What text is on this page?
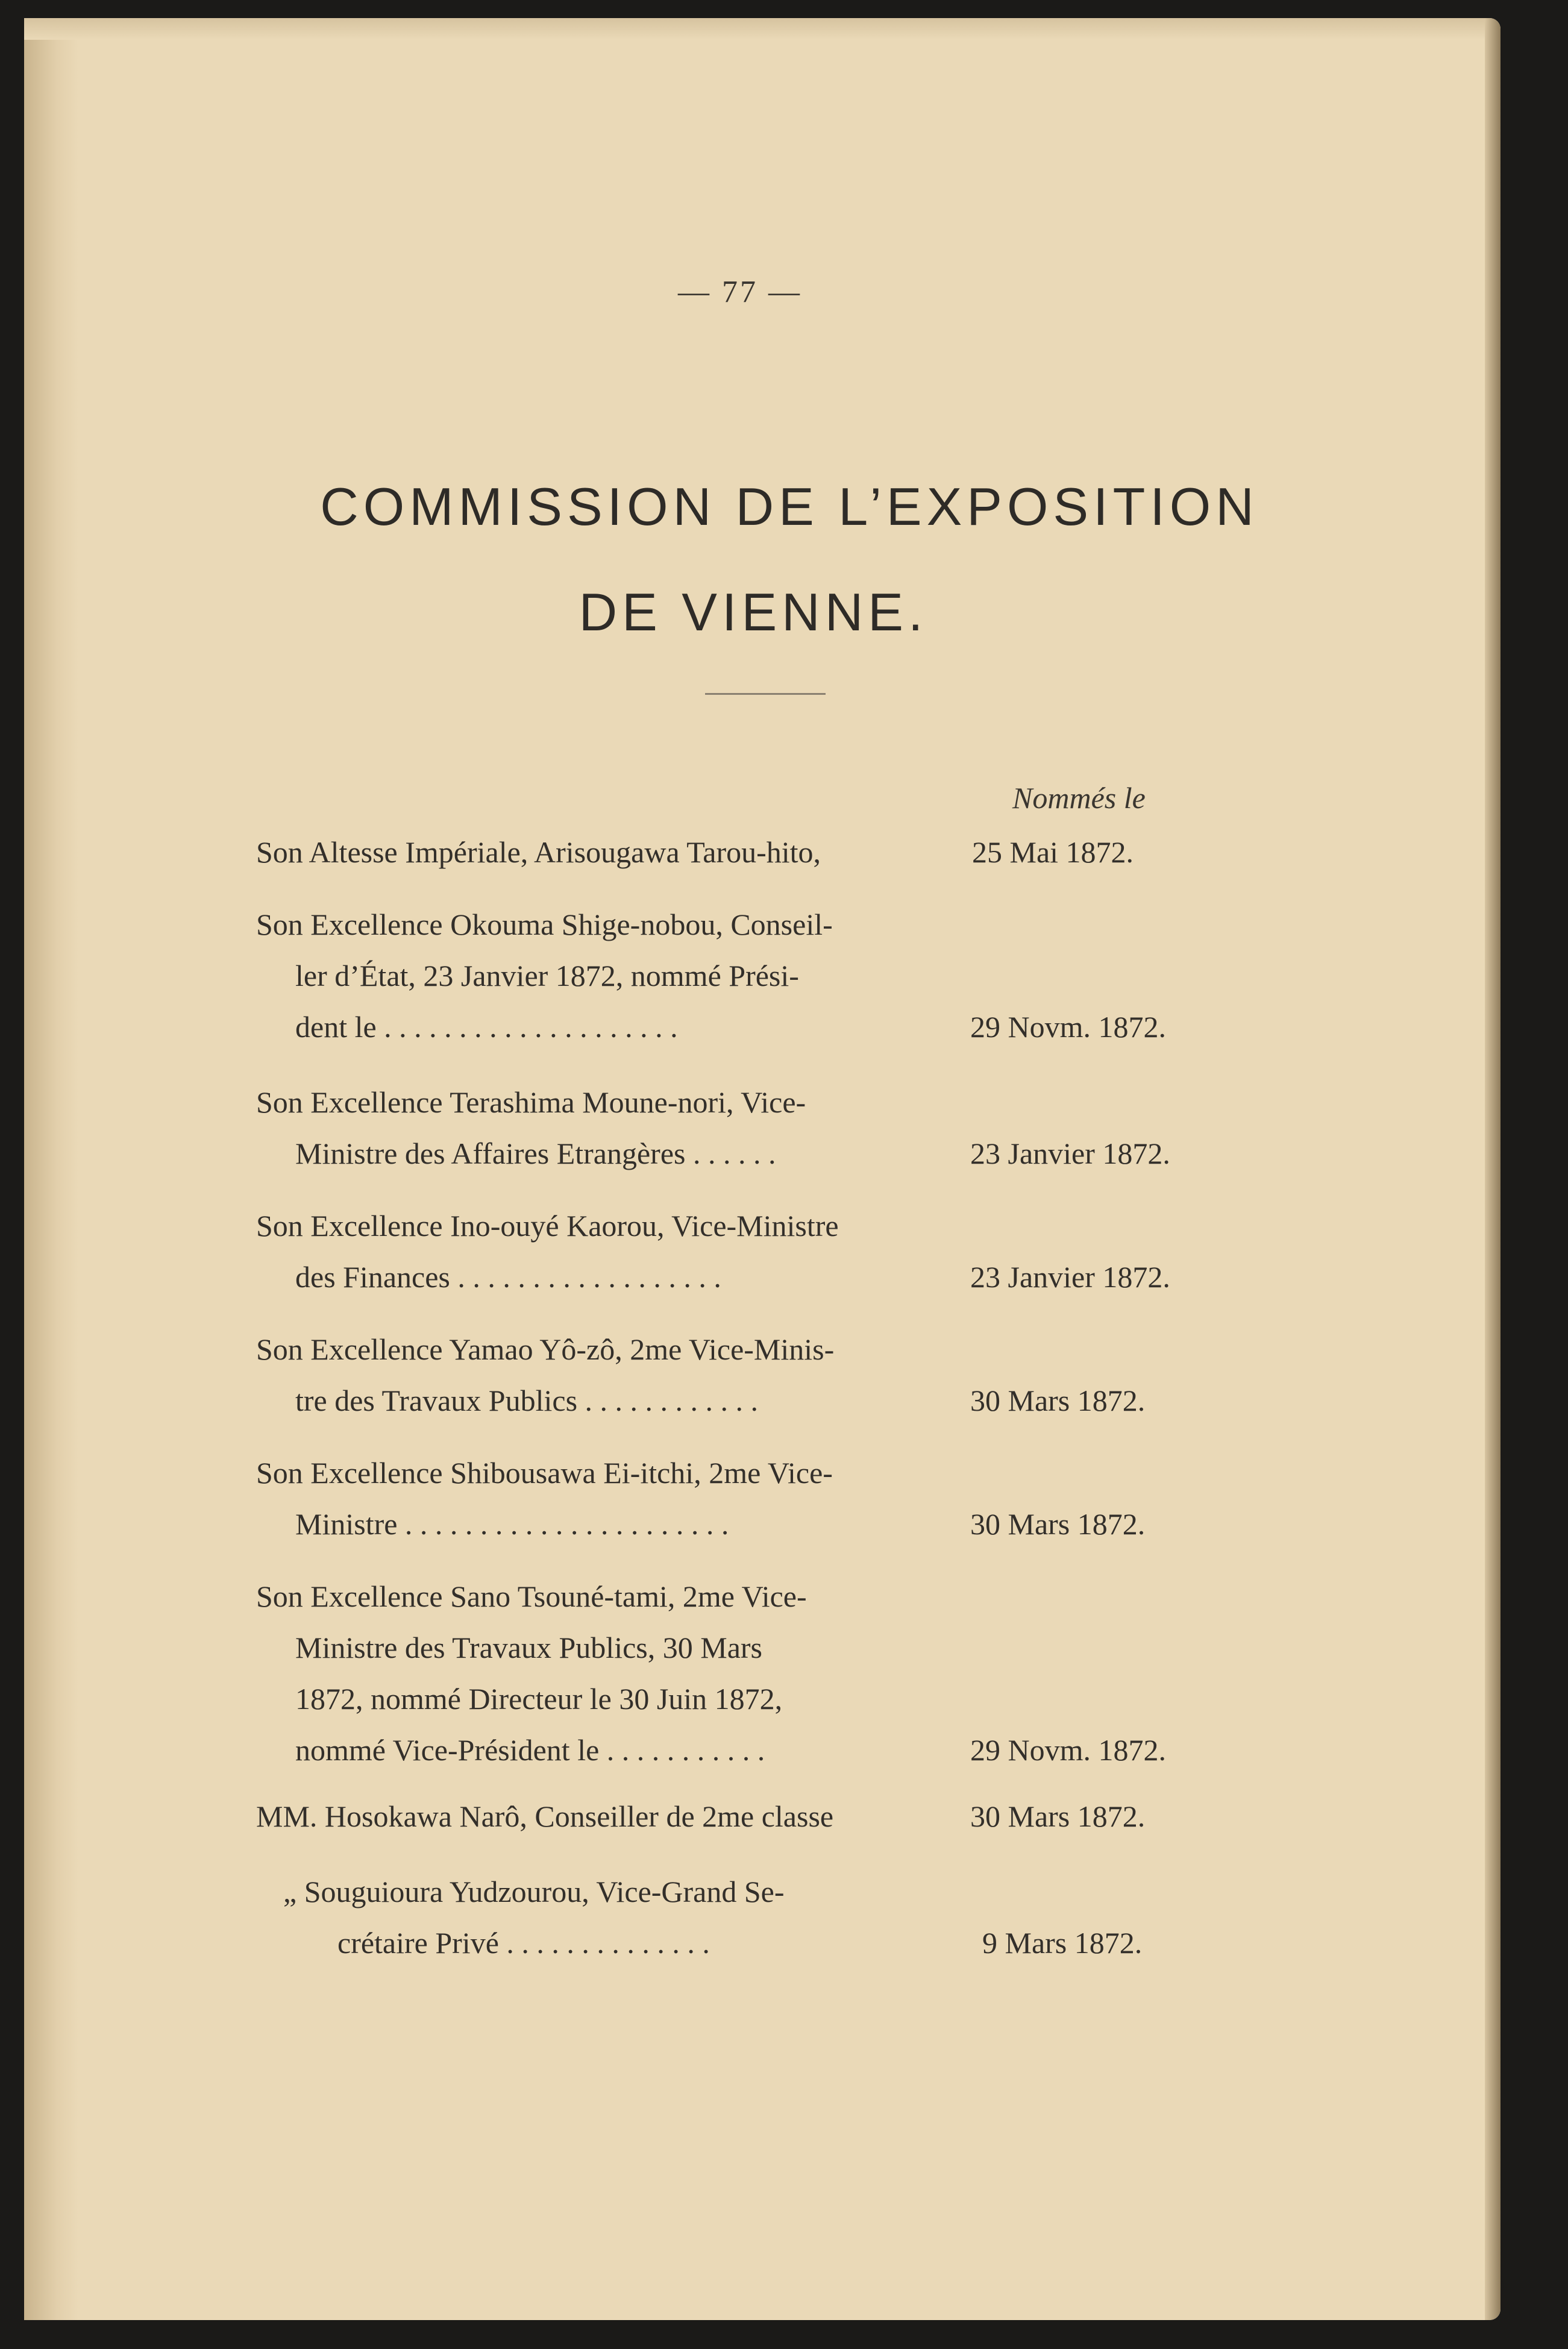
— 77 —
COMMISSION DE L’EXPOSITION
DE VIENNE.
Nommés le
Son Altesse Impériale, Arisougawa Tarou-hito,	25 Mai 1872.
Son Excellence Okouma Shige-nobou, Conseil-
ler d’État, 23 Janvier 1872, nommé Prési-
dent le . . . . . . . . . . . . . . . . . . . .	29 Novm. 1872.
Son Excellence Terashima Moune-nori, Vice-
Ministre des Affaires Etrangères . . . . . .	23 Janvier 1872.
Son Excellence Ino-ouyé Kaorou, Vice-Ministre
des Finances . . . . . . . . . . . . . . . . . .	23 Janvier 1872.
Son Excellence Yamao Yô-zô, 2me Vice-Minis-
tre des Travaux Publics . . . . . . . . . . . .	30 Mars 1872.
Son Excellence Shibousawa Ei-itchi, 2me Vice-
Ministre . . . . . . . . . . . . . . . . . . . . . .	30 Mars 1872.
Son Excellence Sano Tsouné-tami, 2me Vice-
Ministre des Travaux Publics, 30 Mars
1872, nommé Directeur le 30 Juin 1872,
nommé Vice-Président le . . . . . . . . . . .	29 Novm. 1872.
MM. Hosokawa Narô, Conseiller de 2me classe	30 Mars 1872.
„ Souguioura Yudzourou, Vice-Grand Se-
crétaire Privé . . . . . . . . . . . . . .	9 Mars 1872.
